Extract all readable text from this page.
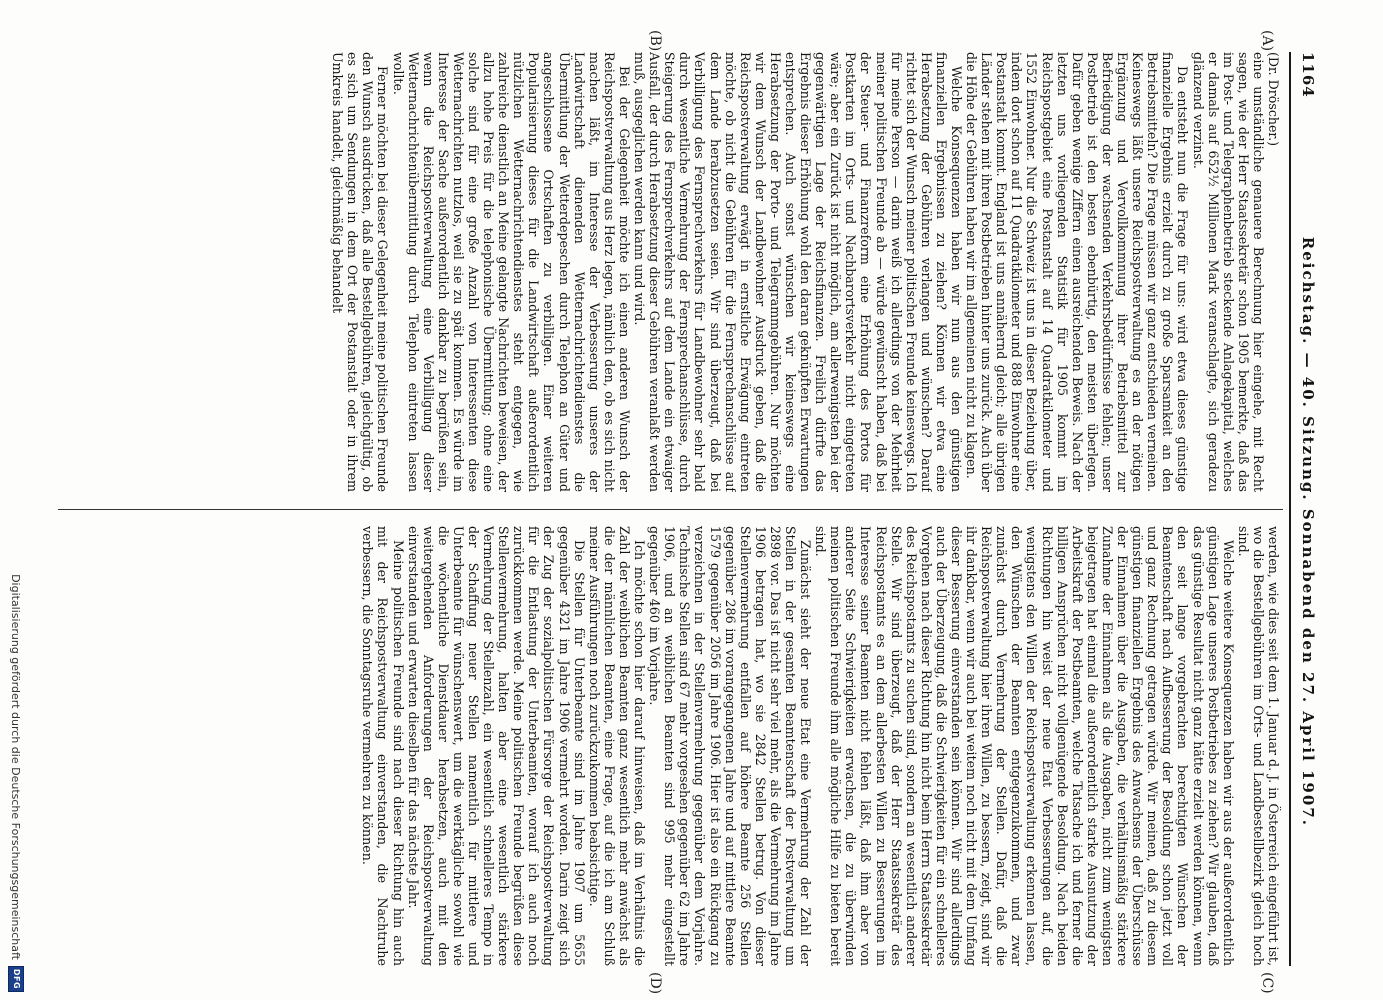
1164
Reichstag. — 40. Sitzung. Sonnabend den 27. April 1907.
(A)
(B)
(C)
(D)

(Dr. Dröscher.)

eine umständliche genauere Berechnung hier eingehe, mit Recht sagen, wie der Herr Staatssekretär schon 1905 bemerkte, daß das im Post- und Telegraphenbetrieb steckende Anlagekapital, welches er damals auf 652½ Millionen Mark veranschlagte, sich geradezu glänzend verzinst.

Da entsteht nun die Frage für uns: wird etwa dieses günstige finanzielle Ergebnis erzielt durch zu große Sparsamkeit an den Betriebsmitteln? Die Frage müssen wir ganz entschieden verneinen. Keineswegs läßt unsere Reichspostverwaltung es an der nötigen Ergänzung und Vervollkommnung ihrer Betriebsmittel zur Befriedigung der wachsenden Verkehrsbedürfnisse fehlen; unser Postbetrieb ist den besten ebenbürtig, den meisten überlegen. Dafür geben wenige Ziffern einen ausreichenden Beweis. Nach der letzten uns vorliegenden Statistik für 1905 kommt im Reichspostgebiet eine Postanstalt auf 14 Quadratkilometer und 1552 Einwohner. Nur die Schweiz ist uns in dieser Beziehung über, indem dort schon auf 11 Quadratkilometer und 888 Einwohner eine Postanstalt kommt. England ist uns annähernd gleich; alle übrigen Länder stehen mit ihren Postbetrieben hinter uns zurück. Auch über die Höhe der Gebühren haben wir im allgemeinen nicht zu klagen.

Welche Konsequenzen haben wir nun aus den günstigen finanziellen Ergebnissen zu ziehen? Können wir etwa eine Herabsetzung der Gebühren verlangen und wünschen? Darauf richtet sich der Wunsch meiner politischen Freunde keineswegs. Ich für meine Person — darin weiß ich allerdings von der Mehrheit meiner politischen Freunde ab — würde gewünscht haben, daß bei der Steuer- und Finanzreform eine Erhöhung des Portos für Postkarten im Orts- und Nachbarortsverkehr nicht eingetreten wäre; aber ein Zurück ist nicht möglich, am allerwenigsten bei der gegenwärtigen Lage der Reichsfinanzen. Freilich dürfte das Ergebnis dieser Erhöhung wohl den daran geknüpften Erwartungen entsprechen. Auch sonst wünschen wir keineswegs eine Herabsetzung der Porto- und Telegrammgebühren. Nur möchten wir dem Wunsch der Landbewohner Ausdruck geben, daß die Reichspostverwaltung erwägt in ernstliche Erwägung eintreten möchte, ob nicht die Gebühren für die Fernsprechanschlüsse auf dem Lande herabzusetzen seien. Wir sind überzeugt, daß bei Verbilligung des Fernsprechverkehrs für Landbewohner sehr bald durch wesentliche Vermehrung der Fernsprechanschlüsse, durch Steigerung des Fernsprechverkehrs auf dem Lande ein etwaiger Ausfall, der durch Herabsetzung dieser Gebühren veranlaßt werden muß, ausgeglichen werden kann und wird.

Bei der Gelegenheit möchte ich einen anderen Wunsch der Reichspostverwaltung aus Herz legen, nämlich den, ob es sich nicht machen läßt, im Interesse der Verbesserung unseres der Landwirtschaft dienenden Wetternachrichtendienstes die Übermittlung der Wetterdepeschen durch Telephon an Güter und angeschlossene Ortschaften zu verbilligen. Einer weiteren Popularisierung dieses für die Landwirtschaft außerordentlich nützlichen Wetternachrichtendienstes steht entgegen, wie zahlreiche dienstlich an Meine gelangte Nachrichten beweisen, der allzu hohe Preis für die telephonische Übermittlung; ohne eine solche sind für eine große Anzahl von Interessenten diese Wetternachrichten nutzlos, weil sie zu spät kommen. Es würde im Interesse der Sache außerordentlich dankbar zu begrüßen sein, wenn die Reichspostverwaltung eine Verbilligung dieser Wetternachrichtenübermittlung durch Telephon eintreten lassen wollte.

Ferner möchten bei dieser Gelegenheit meine politischen Freunde den Wunsch ausdrücken, daß alle Bestellgebühren, gleichgültig, ob es sich um Sendungen in dem Ort der Postanstalt oder in ihrem Umkreis handelt, gleichmäßig behandelt

werden, wie dies seit dem 1. Januar d. J. in Österreich eingeführt ist, wo die Bestellgebühren im Orts- und Landbestellbezirk gleich hoch sind.

Welche weitere Konsequenzen haben wir aus der außerordentlich günstigen Lage unseres Postbetriebes zu ziehen? Wir glauben, daß das günstige Resultat nicht ganz hätte erzielt werden können, wenn den seit lange vorgebrachten berechtigten Wünschen der Beamtenschaft nach Aufbesserung der Besoldung schon jetzt voll und ganz Rechnung getragen würde. Wir meinen, daß zu diesem günstigen finanziellen Ergebnis des Anwachsens der Überschüsse der Einnahmen über die Ausgaben, die verhältnismäßig stärkere Zunahme der Einnahmen als die Ausgaben, nicht zum wenigsten beigetragen hat einmal die außerordentlich starke Ausnutzung der Arbeitskraft der Postbeamten, welche Tatsache ich und ferner die billigen Ansprüchen nicht vollgenügende Besoldung. Nach beiden Richtungen hin weist der neue Etat Verbesserungen auf, die wenigstens den Willen der Reichspostverwaltung erkennen lassen, den Wünschen der Beamten entgegenzukommen, und zwar zunächst durch Vermehrung der Stellen. Dafür, daß die Reichspostverwaltung hier ihren Willen, zu bessern, zeigt, sind wir ihr dankbar, wenn wir auch bei weitem noch nicht mit dem Umfang dieser Besserung einverstanden sein können. Wir sind allerdings auch der Überzeugung, daß die Schwierigkeiten für ein schnelleres Vorgehen nach dieser Richtung hin nicht beim Herrn Staatssekretär des Reichspostamts zu suchen sind, sondern an wesentlich anderer Stelle. Wir sind überzeugt, daß der Herr Staatssekretär des Reichspostamts es an dem allerbesten Willen zu Besserungen im Interesse seiner Beamten nicht fehlen läßt, daß ihm aber von anderer Seite Schwierigkeiten erwachsen, die zu überwinden meinen politischen Freunde ihm alle mögliche Hilfe zu bieten bereit sind.

Zunächst sieht der neue Etat eine Vermehrung der Zahl der Stellen in der gesamten Beamtenschaft der Postverwaltung um 2898 vor. Das ist nicht sehr viel mehr, als die Vermehrung im Jahre 1906 betragen hat, wo sie 2842 Stellen betrug. Von dieser Stellenvermehrung entfallen auf höhere Beamte 256 Stellen gegenüber 286 im vorangegangenen Jahre und auf mittlere Beamte 1579 gegenüber 2056 im Jahre 1906. Hier ist also ein Rückgang zu verzeichnen in der Stellenvermehrung gegenüber dem Vorjahre. Technische Stellen sind 67 mehr vorgesehen gegenüber 62 im Jahre 1906, und an weiblichen Beamten sind 995 mehr eingestellt gegenüber 460 im Vorjahre.

Ich möchte schon hier darauf hinweisen, daß im Verhältnis die Zahl der weiblichen Beamten ganz wesentlich mehr anwächst als die der männlichen Beamten, eine Frage, auf die ich am Schluß meiner Ausführungen noch zurückzukommen beabsichtige.

Die Stellen für Unterbeamte sind im Jahre 1907 um 5655 gegenüber 4321 im Jahre 1906 vermehrt worden. Darin zeigt sich der Zug der sozialpolitischen Fürsorge der Reichspostverwaltung für die Entlastung der Unterbeamten, worauf ich auch noch zurückkommen werde. Meine politischen Freunde begrüßen diese Stellenvermehrung, halten aber eine wesentlich stärkere Vermehrung der Stellenzahl, ein wesentlich schnelleres Tempo in der Schaffung neuer Stellen namentlich für mittlere und Unterbeamte für wünschenswert, um die werktägliche sowohl wie die wöchentliche Dienstdauer herabsetzen, auch mit den weitergehenden Anforderungen der Reichspostverwaltung einverstanden und erwarten dieselben für das nächste Jahr.

Meine politischen Freunde sind nach dieser Richtung hin auch mit der Reichspostverwaltung einverstanden, die Nachtruhe verbessern, die Sonntagsruhe vermehren zu können.

Digitalisierung gefördert durch die Deutsche Forschungsgemeinschaft
DFG
